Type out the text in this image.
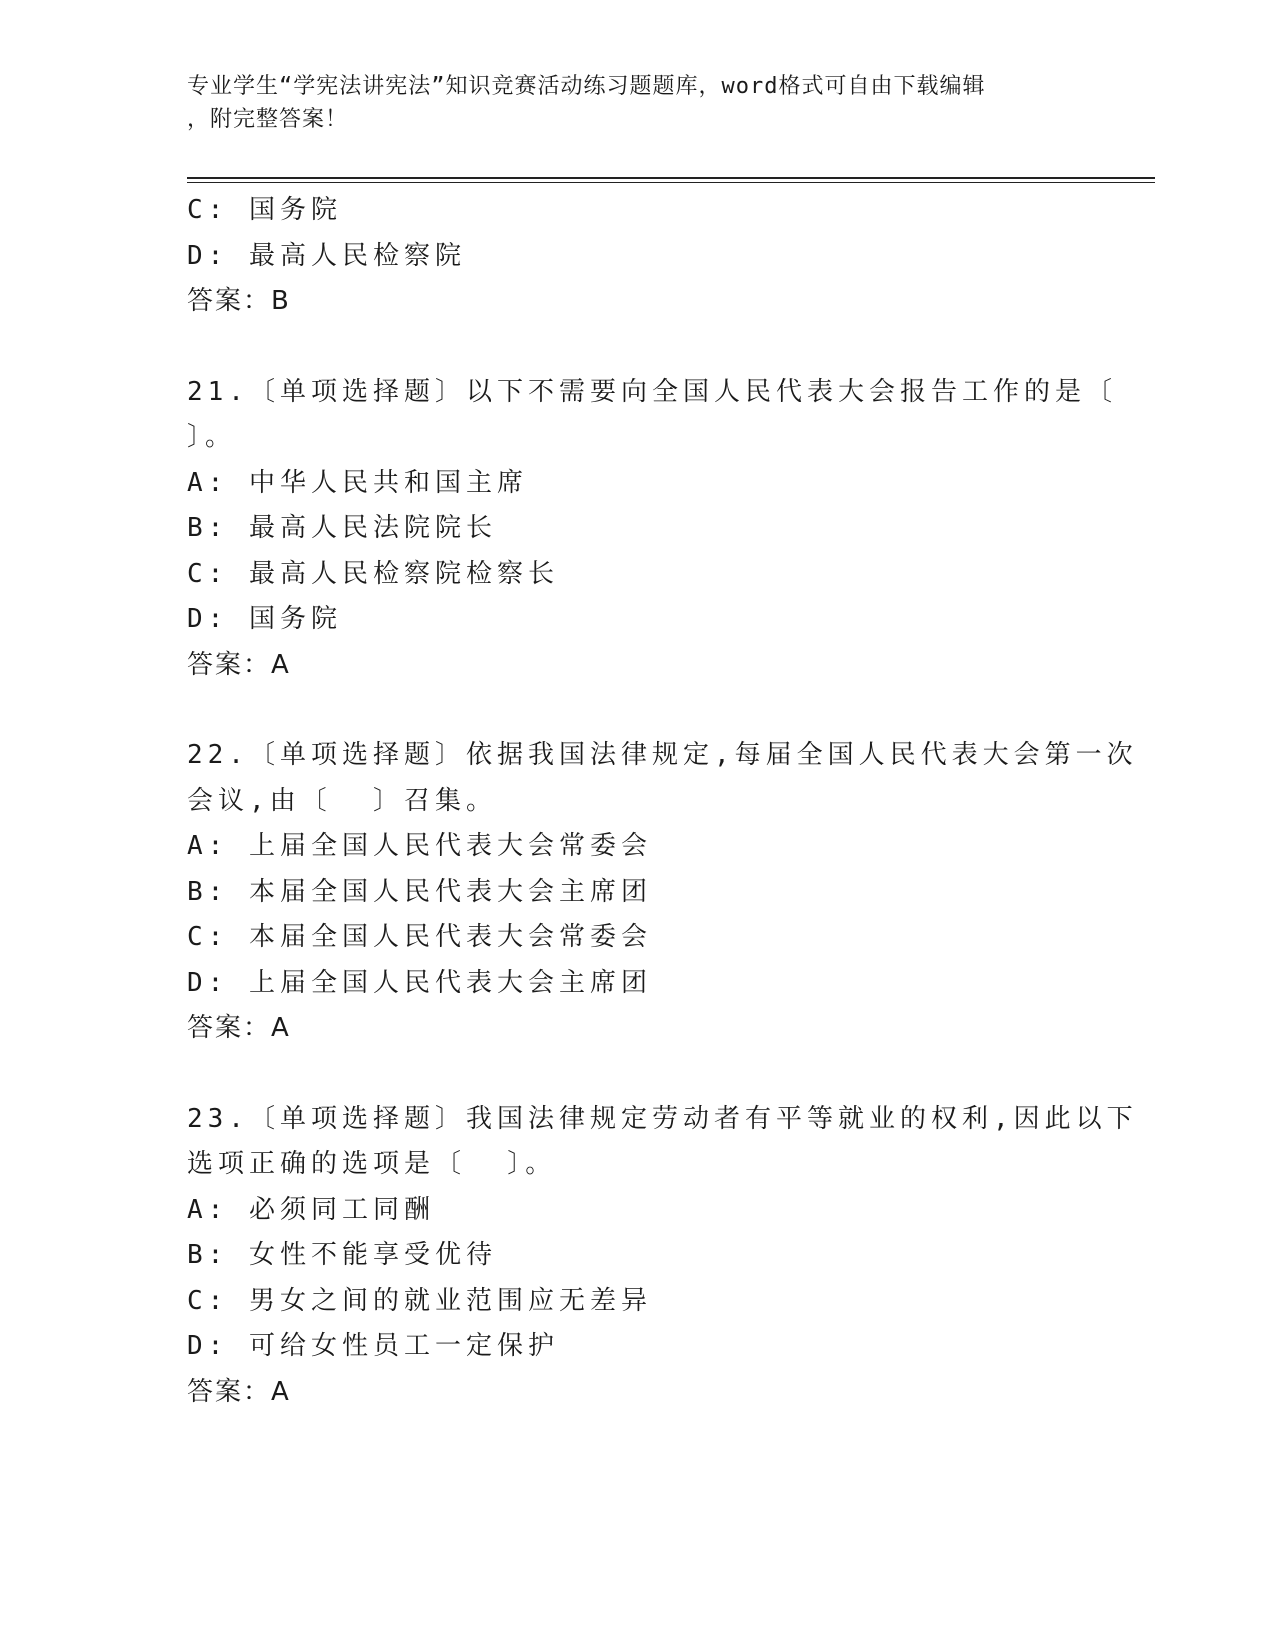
专业学生“学宪法讲宪法”知识竞赛活动练习题题库，word格式可自由下载编辑
，附完整答案！
C: 国务院
D: 最高人民检察院
答案：B
21.〔单项选择题〕以下不需要向全国人民代表大会报告工作的是〔
〕。
A: 中华人民共和国主席
B: 最高人民法院院长
C: 最高人民检察院检察长
D: 国务院
答案：A
22.〔单项选择题〕依据我国法律规定,每届全国人民代表大会第一次
会议,由〔  〕召集。
A: 上届全国人民代表大会常委会
B: 本届全国人民代表大会主席团
C: 本届全国人民代表大会常委会
D: 上届全国人民代表大会主席团
答案：A
23.〔单项选择题〕我国法律规定劳动者有平等就业的权利,因此以下
选项正确的选项是〔  〕。
A: 必须同工同酬
B: 女性不能享受优待
C: 男女之间的就业范围应无差异
D: 可给女性员工一定保护
答案：A
